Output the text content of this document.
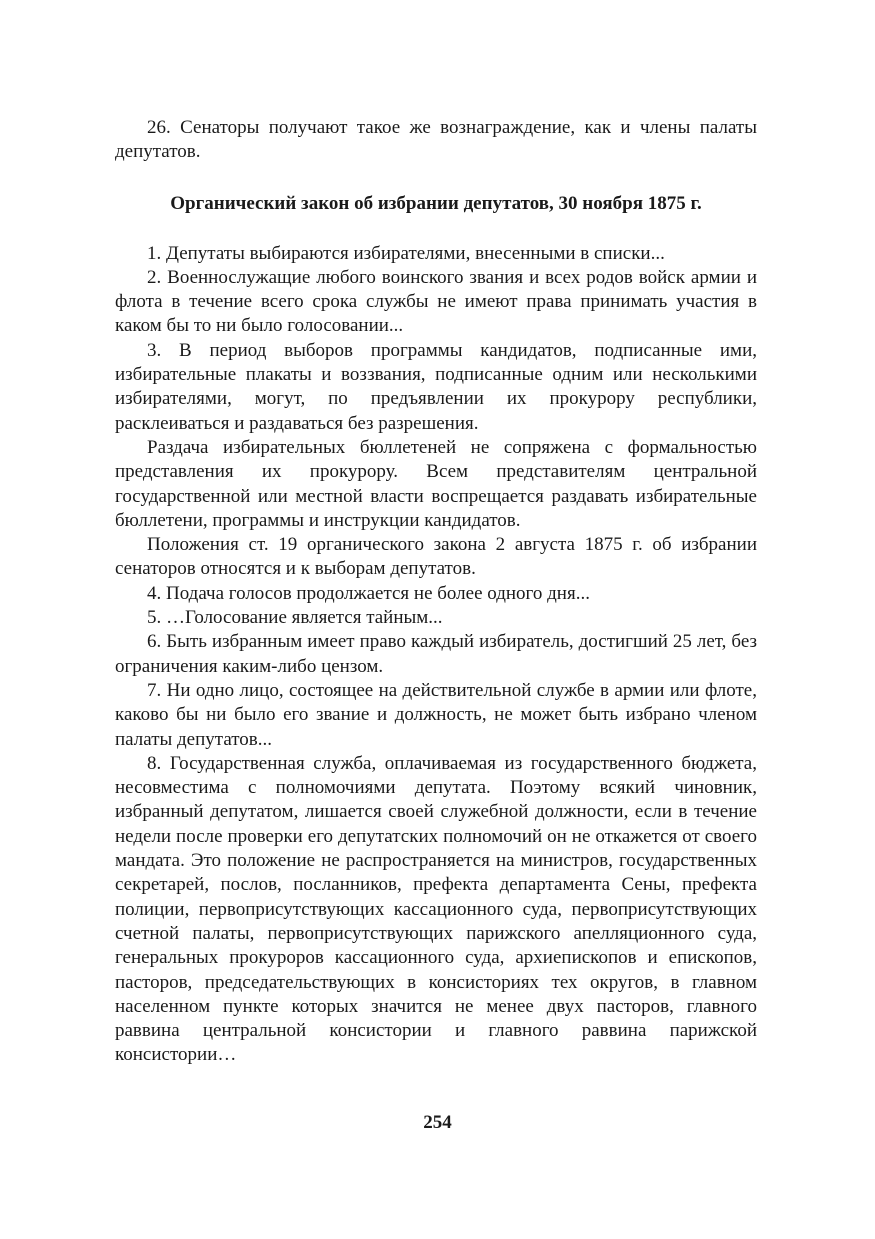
26. Сенаторы получают такое же вознаграждение, как и члены палаты депутатов.

Органический закон об избрании депутатов, 30 ноября 1875 г.

1. Депутаты выбираются избирателями, внесенными в списки...

2. Военнослужащие любого воинского звания и всех родов войск армии и флота в течение всего срока службы не имеют права принимать участия в каком бы то ни было голосовании...

3. В период выборов программы кандидатов, подписанные ими, избирательные плакаты и воззвания, подписанные одним или несколькими избирателями, могут, по предъявлении их прокурору республики, расклеиваться и раздаваться без разрешения.

Раздача избирательных бюллетеней не сопряжена с формальностью представления их прокурору. Всем представителям центральной государственной или местной власти воспрещается раздавать избирательные бюллетени, программы и инструкции кандидатов.

Положения ст. 19 органического закона 2 августа 1875 г. об избрании сенаторов относятся и к выборам депутатов.

4. Подача голосов продолжается не более одного дня...

5. …Голосование является тайным...

6. Быть избранным имеет право каждый избиратель, достигший 25 лет, без ограничения каким-либо цензом.

7. Ни одно лицо, состоящее на действительной службе в армии или флоте, каково бы ни было его звание и должность, не может быть избрано членом палаты депутатов...

8. Государственная служба, оплачиваемая из государственного бюджета, несовместима с полномочиями депутата. Поэтому всякий чиновник, избранный депутатом, лишается своей служебной должности, если в течение недели после проверки его депутатских полномочий он не откажется от своего мандата. Это положение не распространяется на министров, государственных секретарей, послов, посланников, префекта департамента Сены, префекта полиции, первоприсутствующих кассационного суда, первоприсутствующих счетной палаты, первоприсутствующих парижского апелляционного суда, генеральных прокуроров кассационного суда, архиепископов и епископов, пасторов, председательствующих в консисториях тех округов, в главном населенном пункте которых значится не менее двух пасторов, главного раввина центральной консистории и главного раввина парижской консистории…

254
